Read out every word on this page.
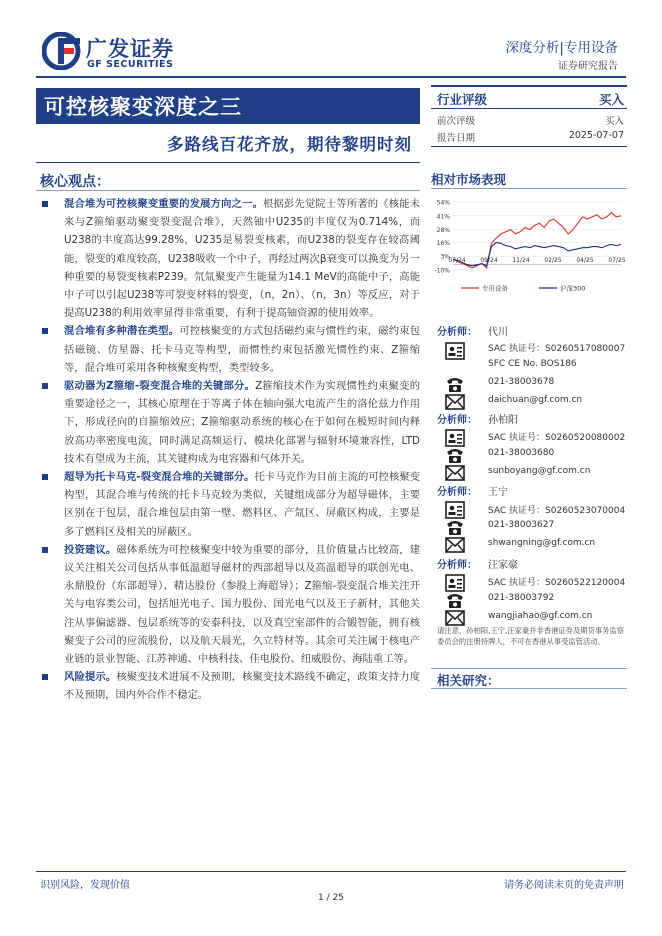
广发证券
GF SECURITIES
深度分析|专用设备
证券研究报告
可控核聚变深度之三
多路线百花齐放，期待黎明时刻
行业评级	买入
前次评级	买入
报告日期	2025-07-07
核心观点：
混合堆为可控核聚变重要的发展方向之一。根据彭先觉院士等所著的《核能未来与Z箍缩驱动聚变裂变混合堆》，天然铀中U235的丰度仅为0.714%，而U238的丰度高达99.28%，U235是易裂变核素，而U238的裂变存在较高阈能，裂变的难度较高，U238吸收一个中子，再经过两次β衰变可以换变为另一种重要的易裂变核素P239。氘氚聚变产生能量为14.1 MeV的高能中子，高能中子可以引起U238等可裂变材料的裂变，（n，2n）、（n，3n）等反应，对于提高U238的利用效率显得非常重要，有利于提高铀资源的使用效率。
混合堆有多种潜在类型。可控核聚变的方式包括磁约束与惯性约束，磁约束包括磁镜、仿星器、托卡马克等构型，而惯性约束包括激光惯性约束、Z箍缩等，混合堆可采用各种核聚变构型，类型较多。
驱动器为Z箍缩-裂变混合堆的关键部分。Z箍缩技术作为实现惯性约束聚变的重要途径之一，其核心原理在于等离子体在轴向强大电流产生的洛伦兹力作用下，形成径向的自箍缩效应；Z箍缩驱动系统的核心在于如何在极短时间内释放高功率密度电流，同时满足高频运行、模块化部署与辐射环境兼容性，LTD技术有望成为主流，其关键构成为电容器和气体开关。
超导为托卡马克-裂变混合堆的关键部分。托卡马克作为目前主流的可控核聚变构型，其混合堆与传统的托卡马克较为类似，关键组成部分为超导磁体，主要区别在于包层，混合堆包层由第一壁、燃料区、产氚区、屏蔽区构成，主要是多了燃料区及相关的屏蔽区。
投资建议。磁体系统为可控核聚变中较为重要的部分，且价值量占比较高，建议关注相关公司包括从事低温超导磁材的西部超导以及高温超导的联创光电、永鼎股份（东部超导）、精达股份（参股上海超导）；Z箍缩-裂变混合堆关注开关与电容类公司，包括旭光电子、国力股份、国光电气以及王子新材，其他关注从事偏滤器、包层系统等的安泰科技，以及真空室部件的合锻智能，拥有核聚变子公司的应流股份，以及航天晨光，久立特材等。其余可关注属于核电产业链的景业智能、江苏神通、中核科技、佳电股份、纽威股份、海陆重工等。
风险提示。核聚变技术进展不及预期，核聚变技术路线不确定，政策支持力度不及预期，国内外合作不稳定。
相对市场表现
54%
41%
28%
16%
3%
-10%
07/24 09/24 11/24 02/25 04/25 07/25
专用设备	沪深300
分析师： 代川
SAC 执证号：S0260517080007
SFC CE No. BOS186
021-38003678
daichuan@gf.com.cn
分析师： 孙柏阳
SAC 执证号：S0260520080002
021-38003680
sunboyang@gf.com.cn
分析师： 王宁
SAC 执证号：S0260523070004
021-38003627
shwangning@gf.com.cn
分析师： 汪家豪
SAC 执证号：S0260522120004
021-38003792
wangjiahao@gf.com.cn
请注意，孙柏阳,王宁,汪家豪并非香港证券及期货事务监察委员会的注册持牌人，不可在香港从事受监管活动。
相关研究：
识别风险，发现价值	请务必阅读末页的免责声明
1 / 25
